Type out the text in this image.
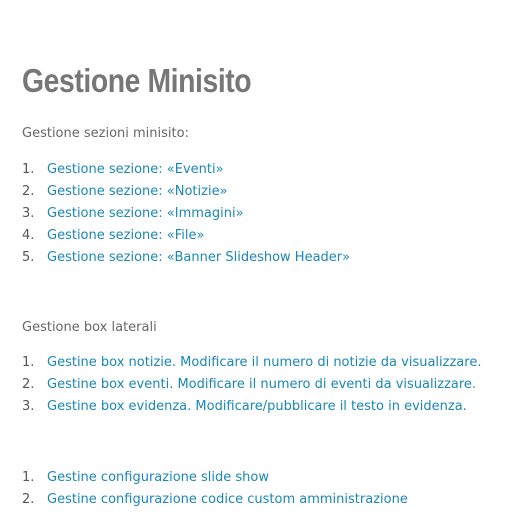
Gestione Minisito

Gestione sezioni minisito:

1. Gestione sezione: «Eventi»
2. Gestione sezione: «Notizie»
3. Gestione sezione: «Immagini»
4. Gestione sezione: «File»
5. Gestione sezione: «Banner Slideshow Header»

Gestione box laterali

1. Gestine box notizie. Modificare il numero di notizie da visualizzare.
2. Gestine box eventi. Modificare il numero di eventi da visualizzare.
3. Gestine box evidenza. Modificare/pubblicare il testo in evidenza.
1. Gestine configurazione slide show
2. Gestine configurazione codice custom amministrazione
